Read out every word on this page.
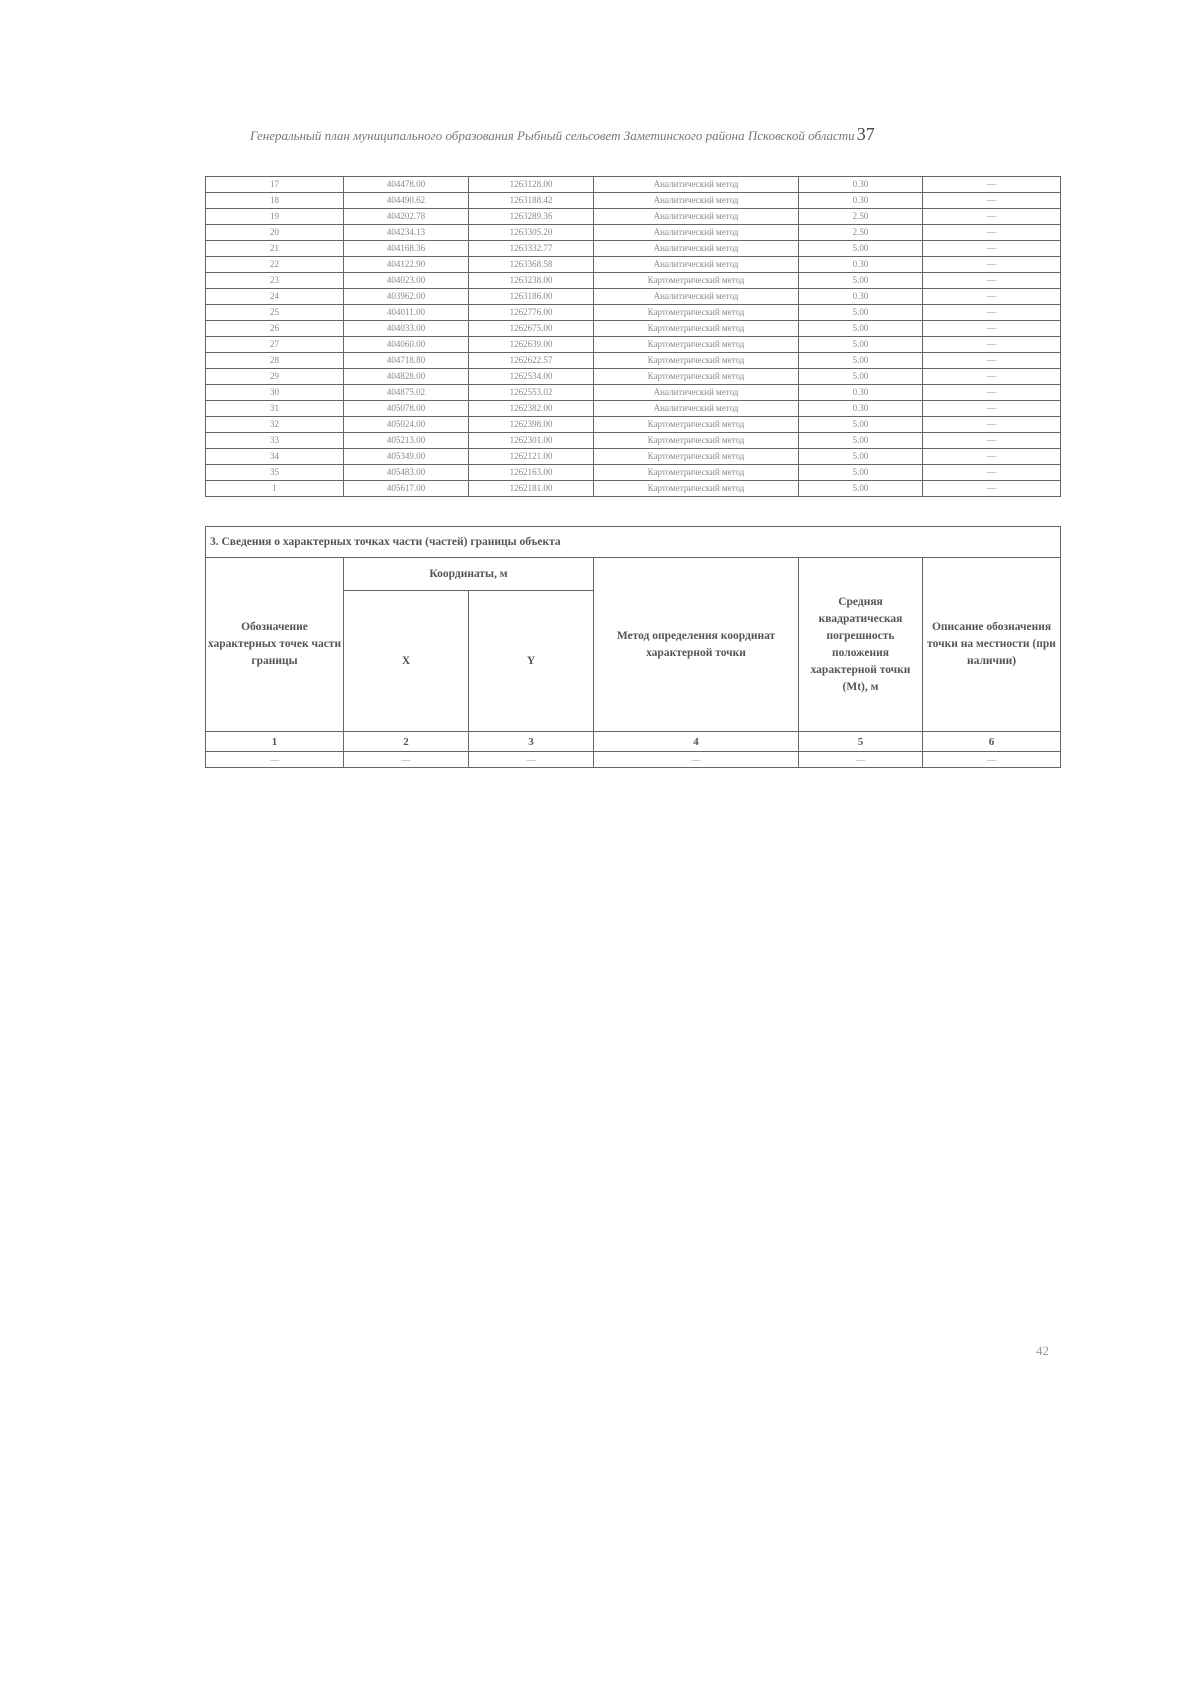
Генеральный план муниципального образования Рыбный сельсовет Заметинского района Псковской области 37
17	404478.00	1263128.00	Аналитический метод	0.30	—
18	404490.62	1263188.42	Аналитический метод	0.30	—
19	404202.78	1263289.36	Аналитический метод	2.50	—
20	404234.13	1263305.20	Аналитический метод	2.50	—
21	404168.36	1263332.77	Аналитический метод	5.00	—
22	404122.90	1263368.58	Аналитический метод	0.30	—
23	404023.00	1263238.00	Картометрический метод	5.00	—
24	403962.00	1263186.00	Аналитический метод	0.30	—
25	404011.00	1262776.00	Картометрический метод	5.00	—
26	404033.00	1262675.00	Картометрический метод	5.00	—
27	404060.00	1262639.00	Картометрический метод	5.00	—
28	404718.80	1262622.57	Картометрический метод	5.00	—
29	404828.00	1262534.00	Картометрический метод	5.00	—
30	404875.02	1262553.02	Аналитический метод	0.30	—
31	405078.00	1262382.00	Аналитический метод	0.30	—
32	405024.00	1262398.00	Картометрический метод	5.00	—
33	405213.00	1262301.00	Картометрический метод	5.00	—
34	405349.00	1262121.00	Картометрический метод	5.00	—
35	405483.00	1262163.00	Картометрический метод	5.00	—
1	405617.00	1262181.00	Картометрический метод	5.00	—
3. Сведения о характерных точках части (частей) границы объекта					
Обозначение характерных точек части границы	Координаты, м		Метод определения координат характерной точки	Средняя квадратическая погрешность положения характерной точки (Mt), м	Описание обозначения точки на местности (при наличии)
	X	Y			
1	2	3	4	5	6
—	—	—	—	—	—
42
